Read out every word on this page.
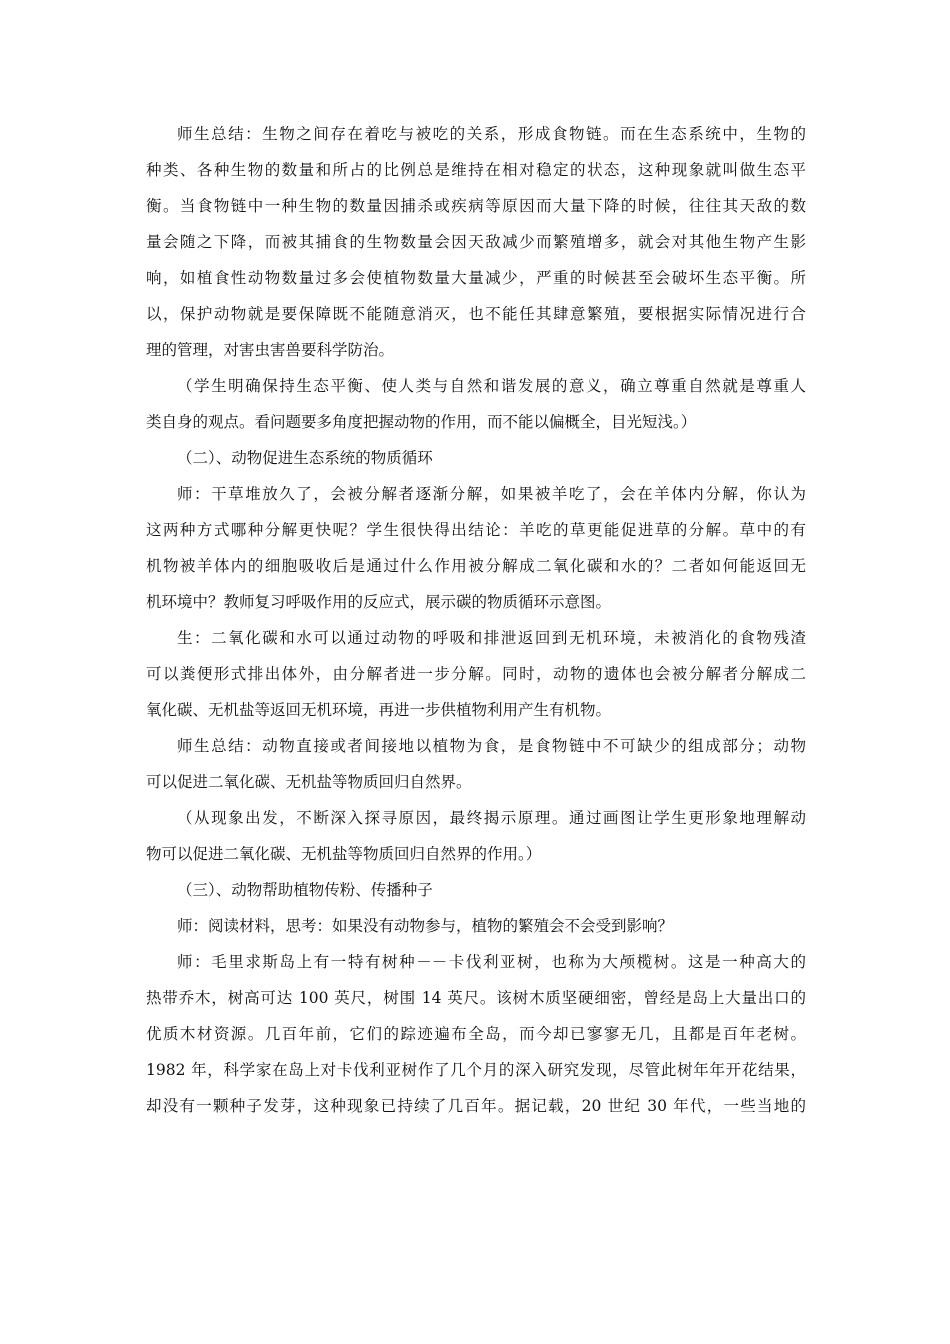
师生总结：生物之间存在着吃与被吃的关系，形成食物链。而在生态系统中，生物的
种类、各种生物的数量和所占的比例总是维持在相对稳定的状态，这种现象就叫做生态平
衡。当食物链中一种生物的数量因捕杀或疾病等原因而大量下降的时候，往往其天敌的数
量会随之下降，而被其捕食的生物数量会因天敌减少而繁殖增多，就会对其他生物产生影
响，如植食性动物数量过多会使植物数量大量减少，严重的时候甚至会破坏生态平衡。所
以，保护动物就是要保障既不能随意消灭，也不能任其肆意繁殖，要根据实际情况进行合
理的管理，对害虫害兽要科学防治。
（学生明确保持生态平衡、使人类与自然和谐发展的意义，确立尊重自然就是尊重人
类自身的观点。看问题要多角度把握动物的作用，而不能以偏概全，目光短浅。）
（二）、动物促进生态系统的物质循环
师：干草堆放久了，会被分解者逐渐分解，如果被羊吃了，会在羊体内分解，你认为
这两种方式哪种分解更快呢？学生很快得出结论：羊吃的草更能促进草的分解。草中的有
机物被羊体内的细胞吸收后是通过什么作用被分解成二氧化碳和水的？二者如何能返回无
机环境中？教师复习呼吸作用的反应式，展示碳的物质循环示意图。
生：二氧化碳和水可以通过动物的呼吸和排泄返回到无机环境，未被消化的食物残渣
可以粪便形式排出体外，由分解者进一步分解。同时，动物的遗体也会被分解者分解成二
氧化碳、无机盐等返回无机环境，再进一步供植物利用产生有机物。
师生总结：动物直接或者间接地以植物为食，是食物链中不可缺少的组成部分；动物
可以促进二氧化碳、无机盐等物质回归自然界。
（从现象出发，不断深入探寻原因，最终揭示原理。通过画图让学生更形象地理解动
物可以促进二氧化碳、无机盐等物质回归自然界的作用。）
（三）、动物帮助植物传粉、传播种子
师：阅读材料，思考：如果没有动物参与，植物的繁殖会不会受到影响？
师：毛里求斯岛上有一特有树种－－卡伐利亚树，也称为大颅榄树。这是一种高大的
热带乔木，树高可达 100 英尺，树围 14 英尺。该树木质坚硬细密，曾经是岛上大量出口的
优质木材资源。几百年前，它们的踪迹遍布全岛，而今却已寥寥无几，且都是百年老树。
1982 年，科学家在岛上对卡伐利亚树作了几个月的深入研究发现，尽管此树年年开花结果，
却没有一颗种子发芽，这种现象已持续了几百年。据记载，20 世纪 30 年代，一些当地的
